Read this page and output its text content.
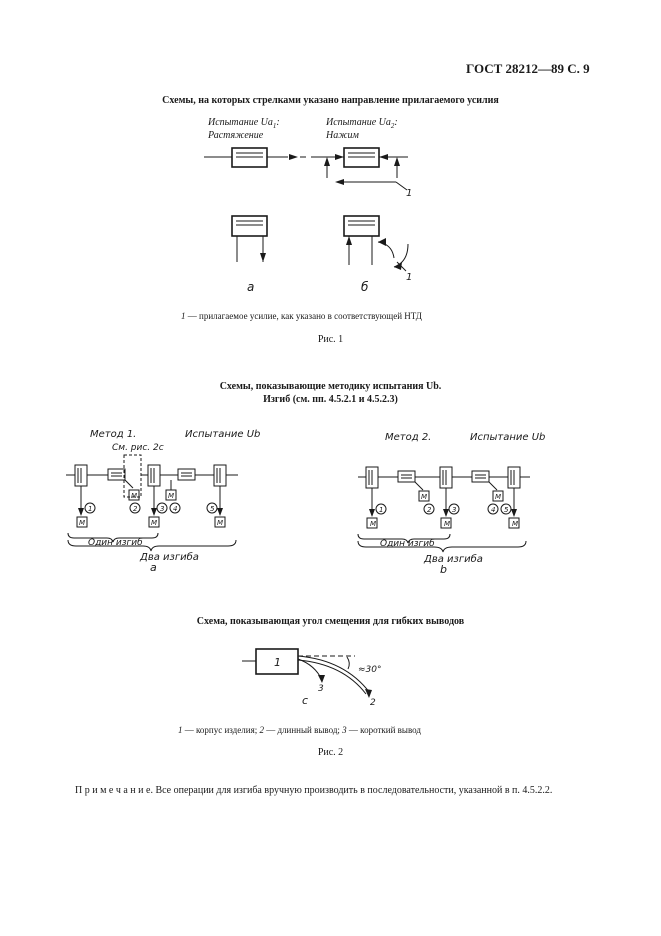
ГОСТ 28212—89 С. 9
Схемы, на которых стрелками указано направление прилагаемого усилия
Испытание $Ua_1$:
Растяжение
Испытание $Ua_2$:
Нажим
1
1
а	б
1 — прилагаемое усилие, как указано в соответствующей НТД
Рис. 1
Схемы, показывающие методику испытания Ub.
Изгиб (см. пп. 4.5.2.1 и 4.5.2.3)
Метод 1.
См. рис. 2с
Испытание Ub	Метод 2.	Испытание Ub
1	2	3 4	5
М
М
М
М
М
Один изгиб
Два изгиба
а
1	2	3	4 5
М
М
М
М
М
Один изгиб
Два изгиба
b
Схема, показывающая угол смещения для гибких выводов
1
≈30°
3
2
с
1 — корпус изделия; 2 — длинный вывод; 3 — короткий вывод
Рис. 2
П р и м е ч а н и е. Все операции для изгиба вручную производить в последовательности, указанной в п. 4.5.2.2.
